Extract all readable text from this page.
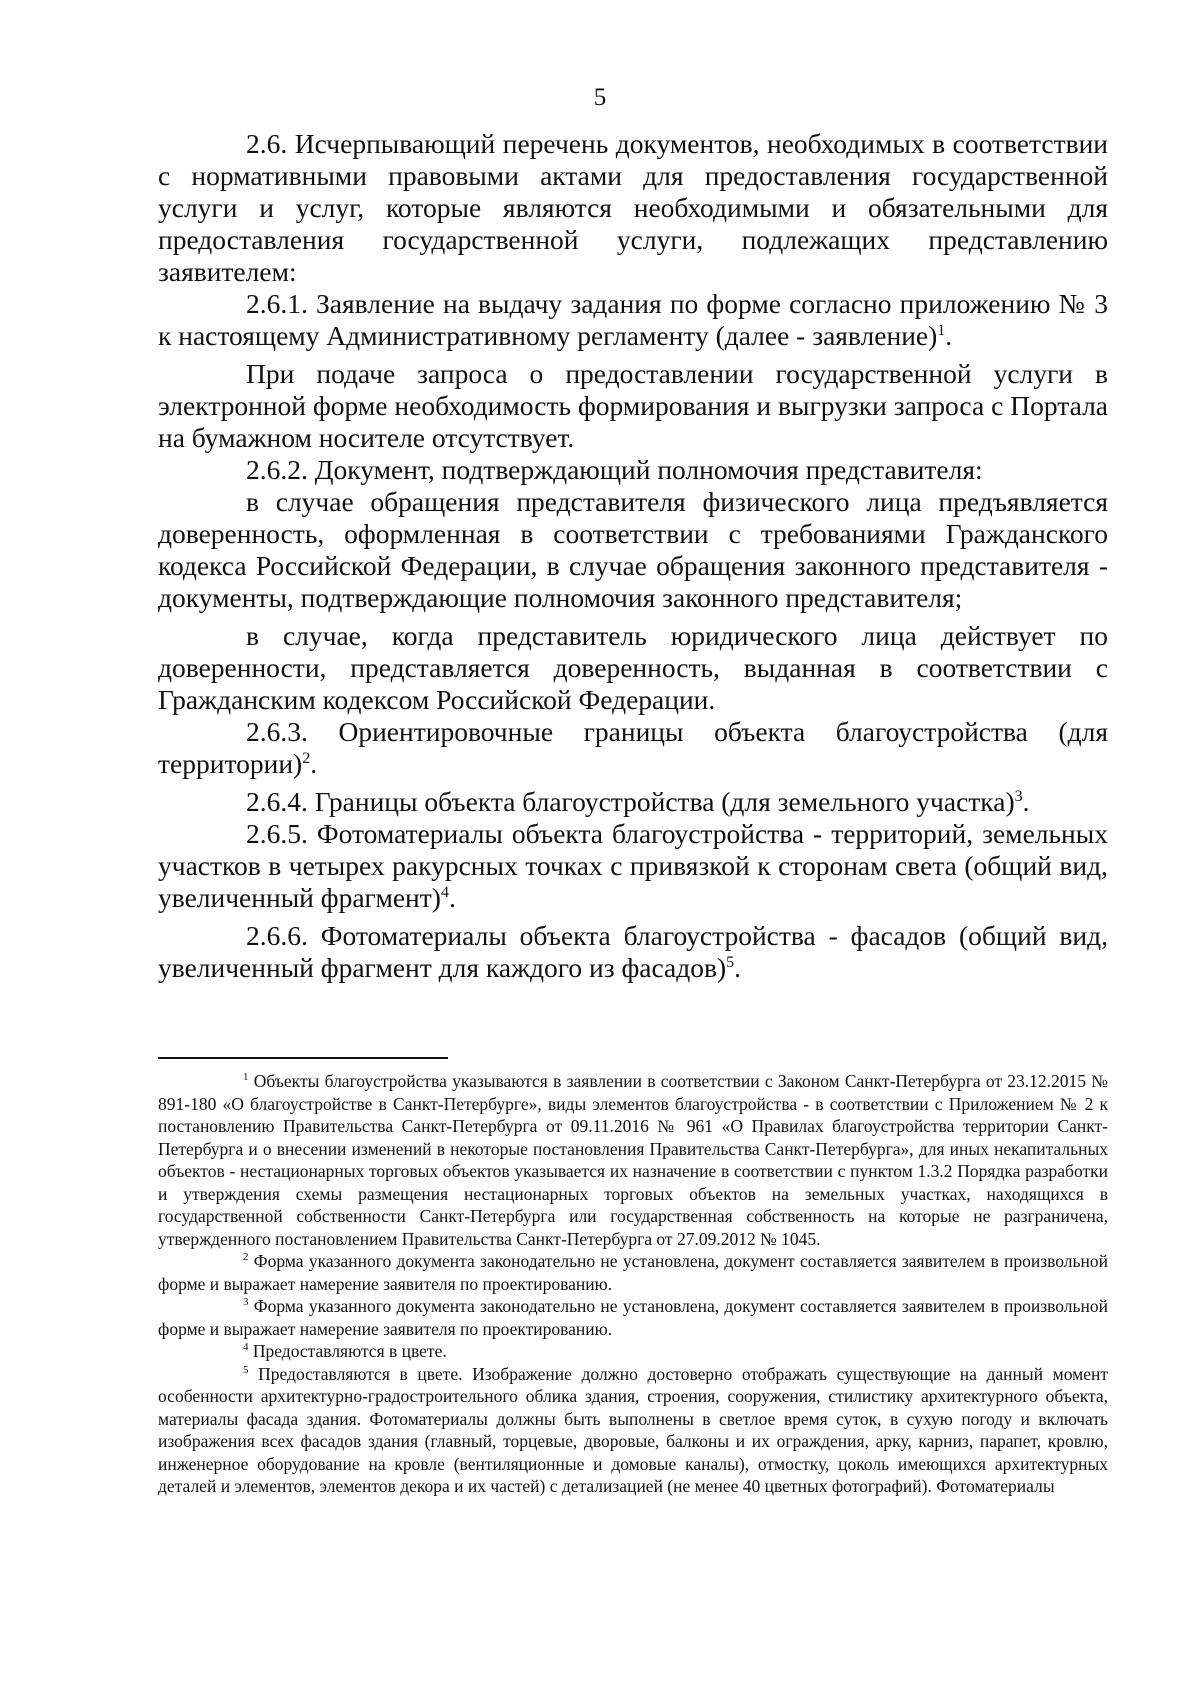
5

2.6. Исчерпывающий перечень документов, необходимых в соответствии с нормативными правовыми актами для предоставления государственной услуги и услуг, которые являются необходимыми и обязательными для предоставления государственной услуги, подлежащих представлению заявителем:

2.6.1. Заявление на выдачу задания по форме согласно приложению № 3 к настоящему Административному регламенту (далее - заявление)$^1$.

При подаче запроса о предоставлении государственной услуги в электронной форме необходимость формирования и выгрузки запроса с Портала на бумажном носителе отсутствует.

2.6.2. Документ, подтверждающий полномочия представителя:

в случае обращения представителя физического лица предъявляется доверенность, оформленная в соответствии с требованиями Гражданского кодекса Российской Федерации, в случае обращения законного представителя - документы, подтверждающие полномочия законного представителя;

в случае, когда представитель юридического лица действует по доверенности, представляется доверенность, выданная в соответствии с Гражданским кодексом Российской Федерации.

2.6.3. Ориентировочные границы объекта благоустройства (для территории)$^2$.

2.6.4. Границы объекта благоустройства (для земельного участка)$^3$.

2.6.5. Фотоматериалы объекта благоустройства - территорий, земельных участков в четырех ракурсных точках с привязкой к сторонам света (общий вид, увеличенный фрагмент)$^4$.

2.6.6. Фотоматериалы объекта благоустройства - фасадов (общий вид, увеличенный фрагмент для каждого из фасадов)$^5$.

$^1$ Объекты благоустройства указываются в заявлении в соответствии с Законом Санкт-Петербурга от 23.12.2015 № 891-180 «О благоустройстве в Санкт-Петербурге», виды элементов благоустройства - в соответствии с Приложением № 2 к постановлению Правительства Санкт-Петербурга от 09.11.2016 № 961 «О Правилах благоустройства территории Санкт-Петербурга и о внесении изменений в некоторые постановления Правительства Санкт-Петербурга», для иных некапитальных объектов - нестационарных торговых объектов указывается их назначение в соответствии с пунктом 1.3.2 Порядка разработки и утверждения схемы размещения нестационарных торговых объектов на земельных участках, находящихся в государственной собственности Санкт-Петербурга или государственная собственность на которые не разграничена, утвержденного постановлением Правительства Санкт-Петербурга от 27.09.2012 № 1045.

$^2$ Форма указанного документа законодательно не установлена, документ составляется заявителем в произвольной форме и выражает намерение заявителя по проектированию.

$^3$ Форма указанного документа законодательно не установлена, документ составляется заявителем в произвольной форме и выражает намерение заявителя по проектированию.

$^4$ Предоставляются в цвете.

$^5$ Предоставляются в цвете. Изображение должно достоверно отображать существующие на данный момент особенности архитектурно-градостроительного облика здания, строения, сооружения, стилистику архитектурного объекта, материалы фасада здания. Фотоматериалы должны быть выполнены в светлое время суток, в сухую погоду и включать изображения всех фасадов здания (главный, торцевые, дворовые, балконы и их ограждения, арку, карниз, парапет, кровлю, инженерное оборудование на кровле (вентиляционные и домовые каналы), отмостку, цоколь имеющихся архитектурных деталей и элементов, элементов декора и их частей) с детализацией (не менее 40 цветных фотографий). Фотоматериалы
